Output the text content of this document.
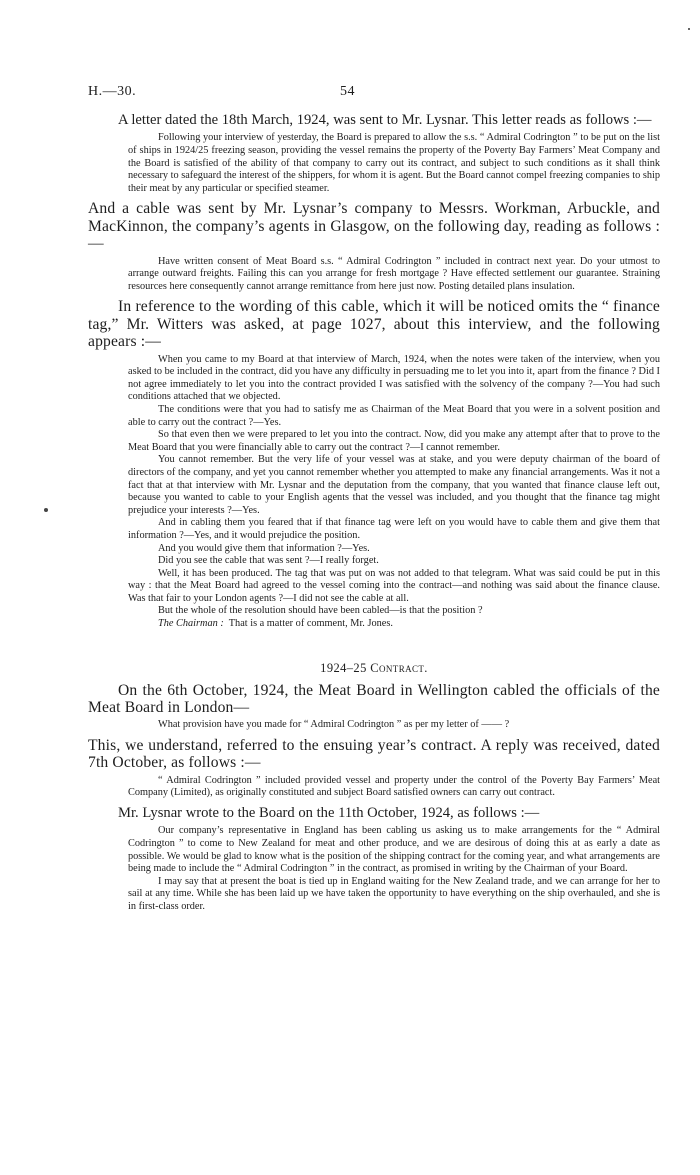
H.—30.	54

A letter dated the 18th March, 1924, was sent to Mr. Lysnar. This letter reads as follows :—

Following your interview of yesterday, the Board is prepared to allow the s.s. “ Admiral Codrington ” to be put on the list of ships in 1924/25 freezing season, providing the vessel remains the property of the Poverty Bay Farmers’ Meat Company and the Board is satisfied of the ability of that company to carry out its contract, and subject to such conditions as it shall think necessary to safeguard the interest of the shippers, for whom it is agent. But the Board cannot compel freezing companies to ship their meat by any particular or specified steamer.

And a cable was sent by Mr. Lysnar’s company to Messrs. Workman, Arbuckle, and MacKinnon, the company’s agents in Glasgow, on the following day, reading as follows :—

Have written consent of Meat Board s.s. “ Admiral Codrington ” included in contract next year. Do your utmost to arrange outward freights. Failing this can you arrange for fresh mortgage ? Have effected settlement our guarantee. Straining resources here consequently cannot arrange remittance from here just now. Posting detailed plans insulation.

In reference to the wording of this cable, which it will be noticed omits the “ finance tag,” Mr. Witters was asked, at page 1027, about this interview, and the following appears :—

When you came to my Board at that interview of March, 1924, when the notes were taken of the interview, when you asked to be included in the contract, did you have any difficulty in persuading me to let you into it, apart from the finance ? Did I not agree immediately to let you into the contract provided I was satisfied with the solvency of the company ?—You had such conditions attached that we objected.

The conditions were that you had to satisfy me as Chairman of the Meat Board that you were in a solvent position and able to carry out the contract ?—Yes.

So that even then we were prepared to let you into the contract. Now, did you make any attempt after that to prove to the Meat Board that you were financially able to carry out the contract ?—I cannot remember.

You cannot remember. But the very life of your vessel was at stake, and you were deputy chairman of the board of directors of the company, and yet you cannot remember whether you attempted to make any financial arrangements. Was it not a fact that at that interview with Mr. Lysnar and the deputation from the company, that you wanted that finance clause left out, because you wanted to cable to your English agents that the vessel was included, and you thought that the finance tag might prejudice your interests ?—Yes.

And in cabling them you feared that if that finance tag were left on you would have to cable them and give them that information ?—Yes, and it would prejudice the position.

And you would give them that information ?—Yes.

Did you see the cable that was sent ?—I really forget.

Well, it has been produced. The tag that was put on was not added to that telegram. What was said could be put in this way : that the Meat Board had agreed to the vessel coming into the contract—and nothing was said about the finance clause. Was that fair to your London agents ?—I did not see the cable at all.

But the whole of the resolution should have been cabled—is that the position ?

The Chairman : That is a matter of comment, Mr. Jones.

1924–25 Contract.

On the 6th October, 1924, the Meat Board in Wellington cabled the officials of the Meat Board in London—

What provision have you made for “ Admiral Codrington ” as per my letter of —— ?

This, we understand, referred to the ensuing year’s contract. A reply was received, dated 7th October, as follows :—

“ Admiral Codrington ” included provided vessel and property under the control of the Poverty Bay Farmers’ Meat Company (Limited), as originally constituted and subject Board satisfied owners can carry out contract.

Mr. Lysnar wrote to the Board on the 11th October, 1924, as follows :—

Our company’s representative in England has been cabling us asking us to make arrangements for the “ Admiral Codrington ” to come to New Zealand for meat and other produce, and we are desirous of doing this at as early a date as possible. We would be glad to know what is the position of the shipping contract for the coming year, and what arrangements are being made to include the “ Admiral Codrington ” in the contract, as promised in writing by the Chairman of your Board.

I may say that at present the boat is tied up in England waiting for the New Zealand trade, and we can arrange for her to sail at any time. While she has been laid up we have taken the opportunity to have everything on the ship overhauled, and she is in first-class order.
